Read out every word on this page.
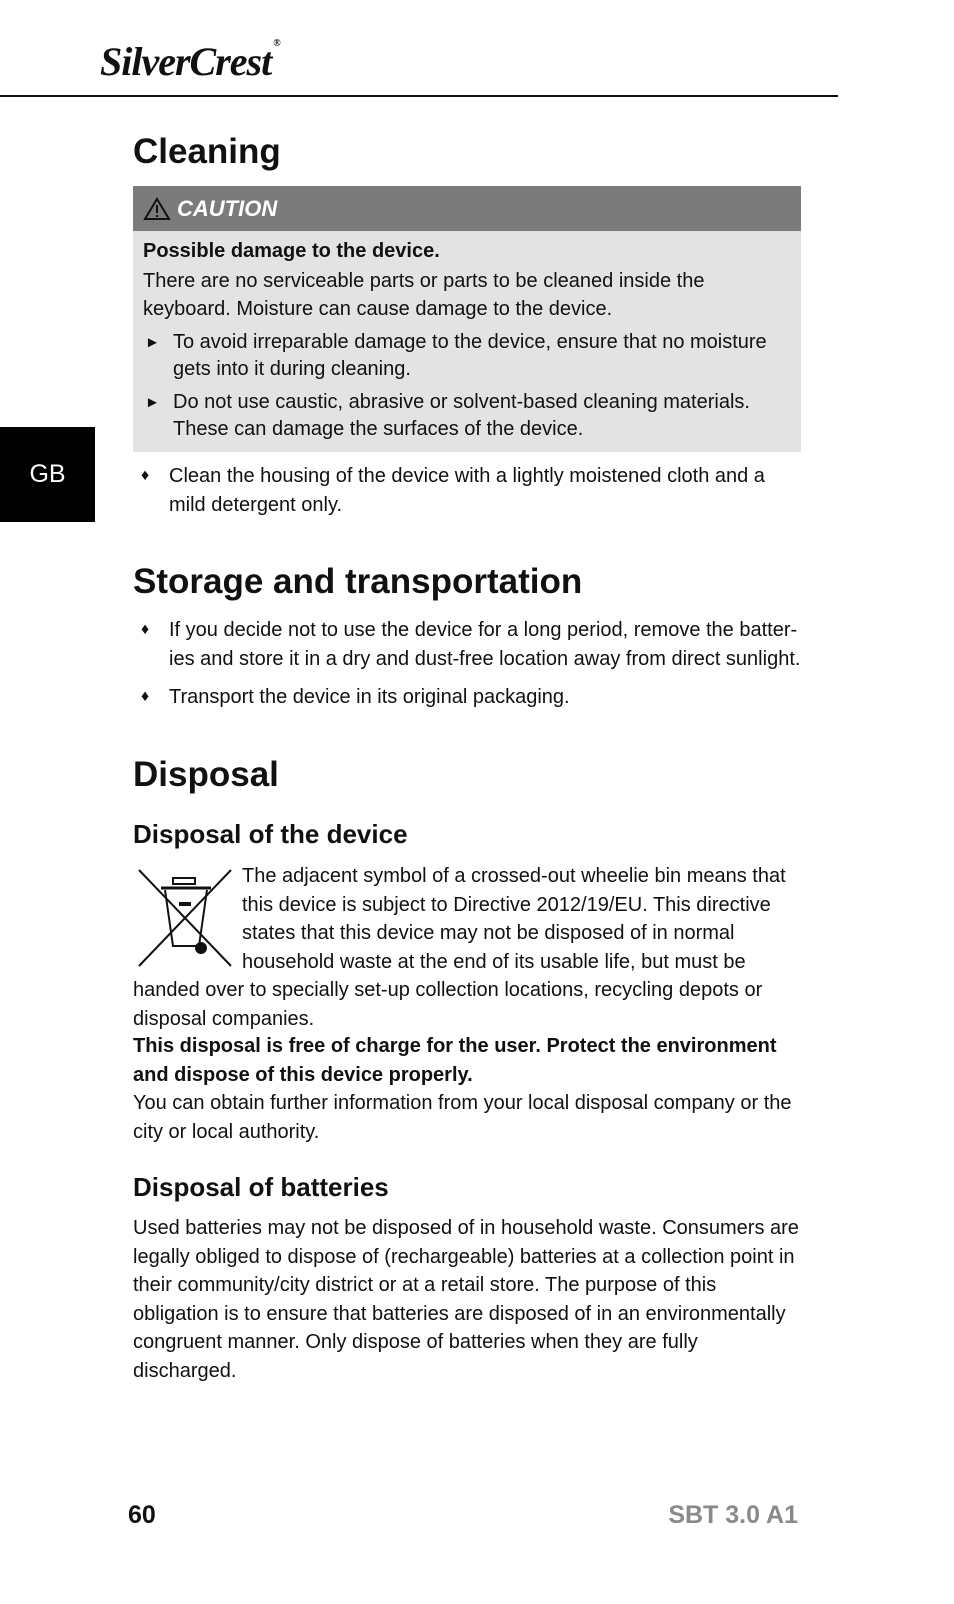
SilverCrest ®
GB
Cleaning
CAUTION

Possible damage to the device.

There are no serviceable parts or parts to be cleaned inside the keyboard. Moisture can cause damage to the device.

► To avoid irreparable damage to the device, ensure that no moisture gets into it during cleaning.
► Do not use caustic, abrasive or solvent-based cleaning materials. These can damage the surfaces of the device.
♦ Clean the housing of the device with a lightly moistened cloth and a mild detergent only.
Storage and transportation
♦ If you decide not to use the device for a long period, remove the batter-ies and store it in a dry and dust-free location away from direct sunlight.
♦ Transport the device in its original packaging.
Disposal
Disposal of the device

The adjacent symbol of a crossed-out wheelie bin means that this device is subject to Directive 2012/19/EU. This directive states that this device may not be disposed of in normal household waste at the end of its usable life, but must be

handed over to specially set-up collection locations, recycling depots or disposal companies.

This disposal is free of charge for the user. Protect the environment and dispose of this device properly.

You can obtain further information from your local disposal company or the city or local authority.

Disposal of batteries

Used batteries may not be disposed of in household waste. Consumers are legally obliged to dispose of (rechargeable) batteries at a collection point in their community/city district or at a retail store. The purpose of this obligation is to ensure that batteries are disposed of in an environmentally congruent manner. Only dispose of batteries when they are fully discharged.

60	SBT 3.0 A1
